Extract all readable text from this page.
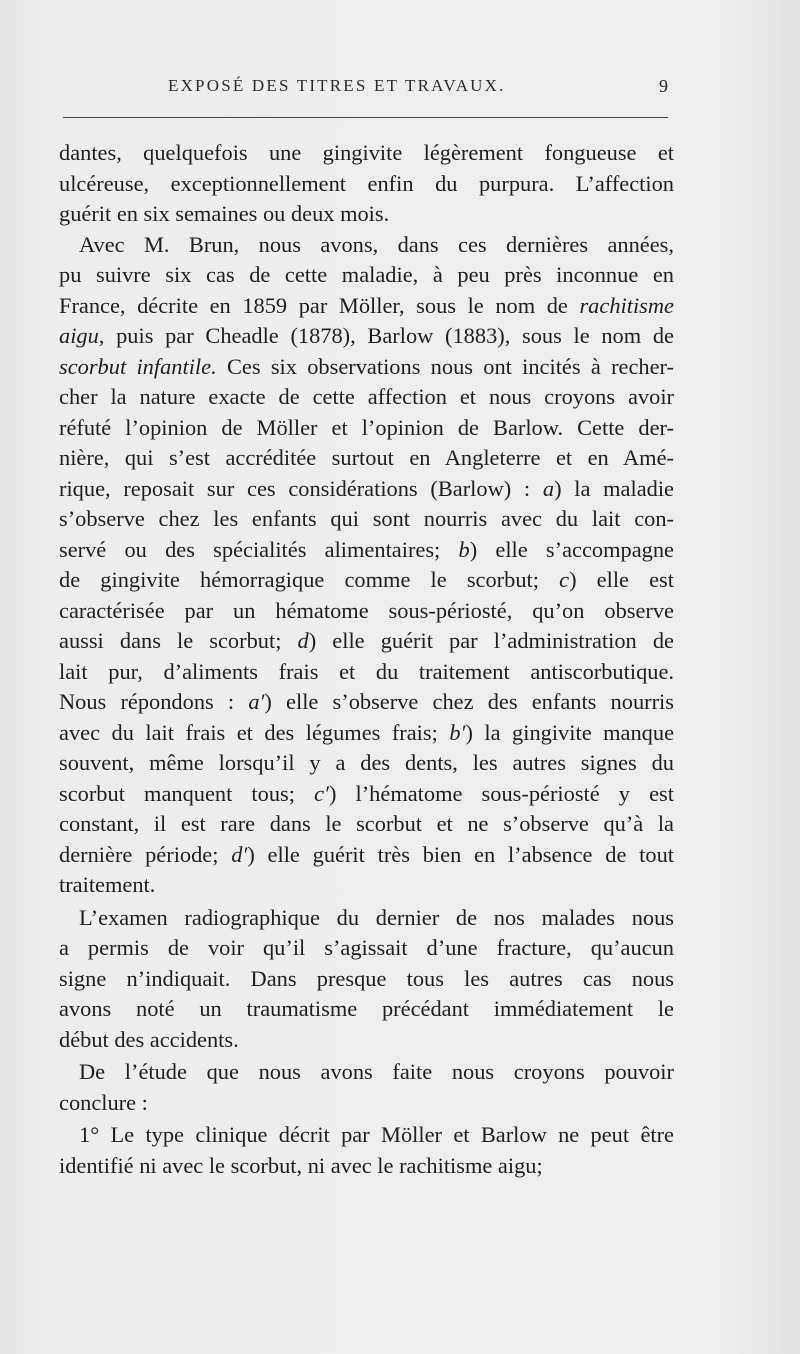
EXPOSÉ DES TITRES ET TRAVAUX.	9
dantes, quelquefois une gingivite légèrement fongueuse et
ulcéreuse, exceptionnellement enfin du purpura. L’affection
guérit en six semaines ou deux mois.
Avec M. Brun, nous avons, dans ces dernières années,
pu suivre six cas de cette maladie, à peu près inconnue en
France, décrite en 1859 par Möller, sous le nom de rachitisme
aigu, puis par Cheadle (1878), Barlow (1883), sous le nom de
scorbut infantile. Ces six observations nous ont incités à recher-
cher la nature exacte de cette affection et nous croyons avoir
réfuté l’opinion de Möller et l’opinion de Barlow. Cette der-
nière, qui s’est accréditée surtout en Angleterre et en Amé-
rique, reposait sur ces considérations (Barlow) : a) la maladie
s’observe chez les enfants qui sont nourris avec du lait con-
servé ou des spécialités alimentaires; b) elle s’accompagne
de gingivite hémorragique comme le scorbut; c) elle est
caractérisée par un hématome sous-périosté, qu’on observe
aussi dans le scorbut; d) elle guérit par l’administration de
lait pur, d’aliments frais et du traitement antiscorbutique.
Nous répondons : a′) elle s’observe chez des enfants nourris
avec du lait frais et des légumes frais; b′) la gingivite manque
souvent, même lorsqu’il y a des dents, les autres signes du
scorbut manquent tous; c′) l’hématome sous-périosté y est
constant, il est rare dans le scorbut et ne s’observe qu’à la
dernière période; d′) elle guérit très bien en l’absence de tout
traitement.
L’examen radiographique du dernier de nos malades nous
a permis de voir qu’il s’agissait d’une fracture, qu’aucun
signe n’indiquait. Dans presque tous les autres cas nous
avons noté un traumatisme précédant immédiatement le
début des accidents.
De l’étude que nous avons faite nous croyons pouvoir
conclure :
1° Le type clinique décrit par Möller et Barlow ne peut être
identifié ni avec le scorbut, ni avec le rachitisme aigu;
